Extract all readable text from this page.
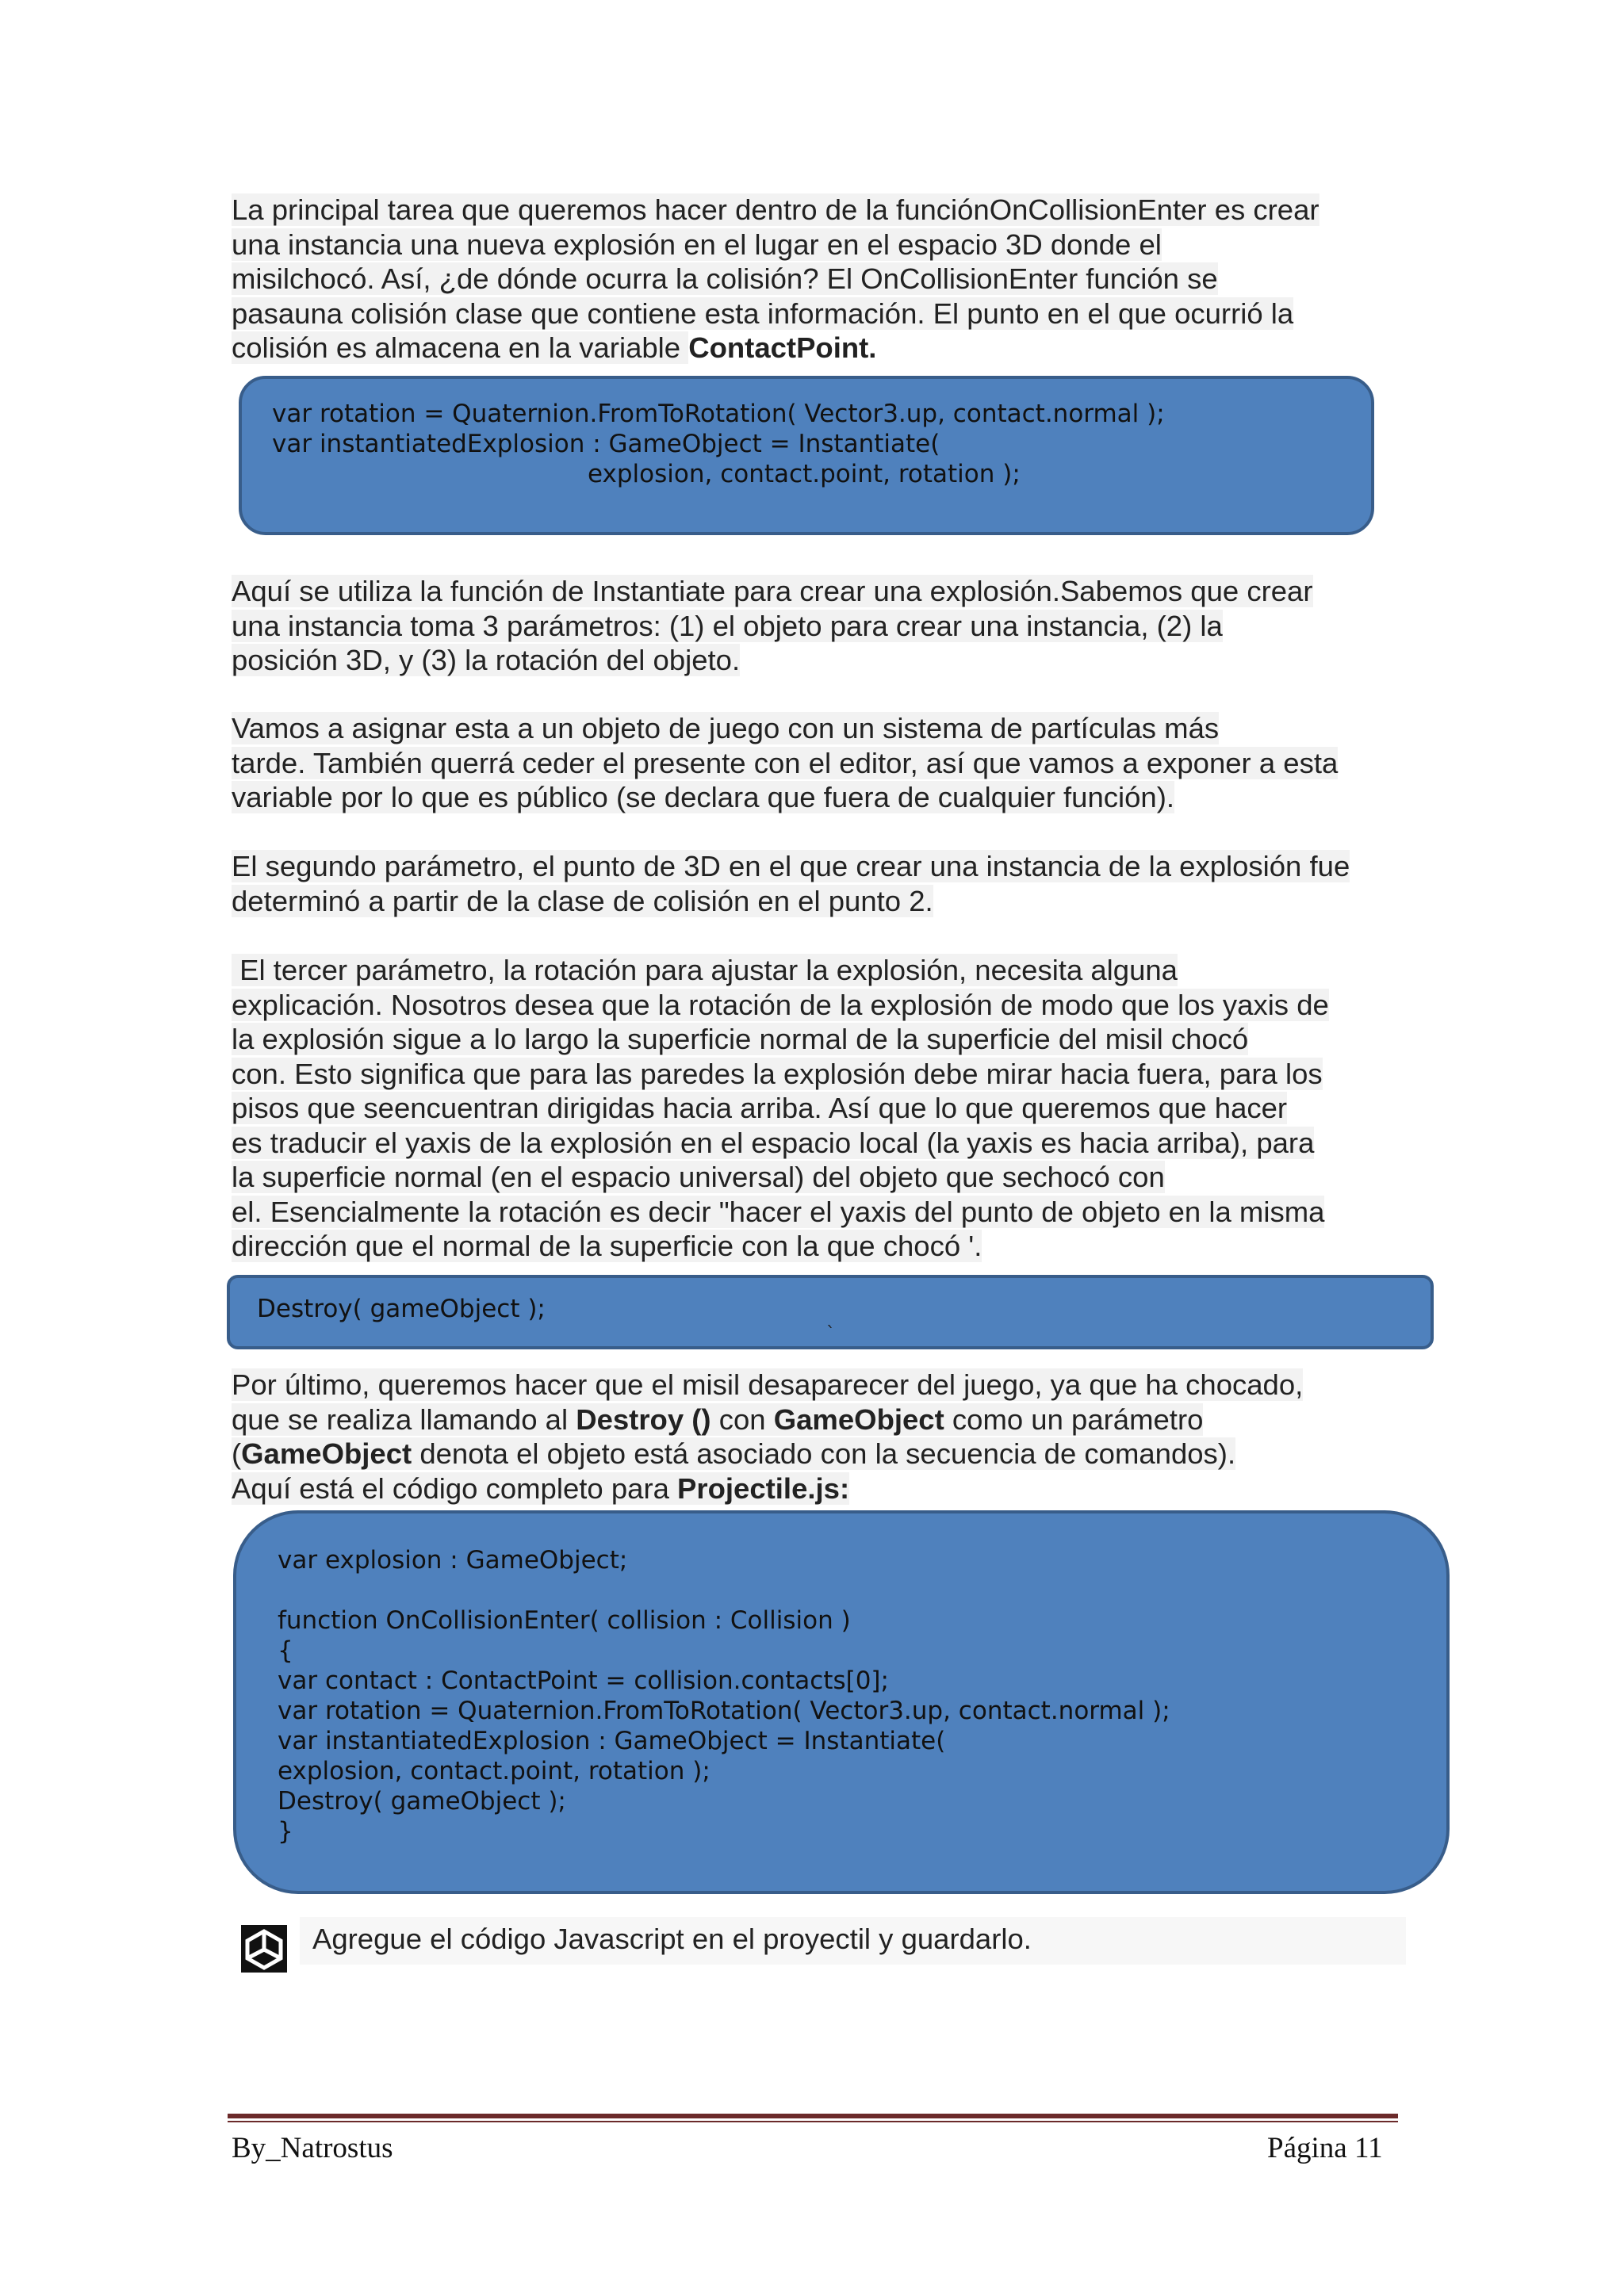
La principal tarea que queremos hacer dentro de la funciónOnCollisionEnter es crear
una instancia una nueva explosión en el lugar en el espacio 3D donde el
misilchocó. Así, ¿de dónde ocurra la colisión? El OnCollisionEnter función se
pasauna colisión clase que contiene esta información. El punto en el que ocurrió la
colisión es almacena en la variable ContactPoint.
var rotation = Quaternion.FromToRotation( Vector3.up, contact.normal );
var instantiatedExplosion : GameObject = Instantiate(
explosion, contact.point, rotation );
Aquí se utiliza la función de Instantiate para crear una explosión.Sabemos que crear
una instancia toma 3 parámetros: (1) el objeto para crear una instancia, (2) la
posición 3D, y (3) la rotación del objeto.
Vamos a asignar esta a un objeto de juego con un sistema de partículas más
tarde. También querrá ceder el presente con el editor, así que vamos a exponer a esta
variable por lo que es público (se declara que fuera de cualquier función).
El segundo parámetro, el punto de 3D en el que crear una instancia de la explosión fue
determinó a partir de la clase de colisión en el punto 2.
El tercer parámetro, la rotación para ajustar la explosión, necesita alguna
explicación. Nosotros desea que la rotación de la explosión de modo que los yaxis de
la explosión sigue a lo largo la superficie normal de la superficie del misil chocó
con. Esto significa que para las paredes la explosión debe mirar hacia fuera, para los
pisos que seencuentran dirigidas hacia arriba. Así que lo que queremos que hacer
es traducir el yaxis de la explosión en el espacio local (la yaxis es hacia arriba), para
la superficie normal (en el espacio universal) del objeto que sechocó con
el. Esencialmente la rotación es decir "hacer el yaxis del punto de objeto en la misma
dirección que el normal de la superficie con la que chocó '.
Destroy( gameObject );
`
Por último, queremos hacer que el misil desaparecer del juego, ya que ha chocado,
que se realiza llamando al Destroy () con GameObject como un parámetro
(GameObject denota el objeto está asociado con la secuencia de comandos).
Aquí está el código completo para Projectile.js:
var explosion : GameObject;
function OnCollisionEnter( collision : Collision )
{
var contact : ContactPoint = collision.contacts[0];
var rotation = Quaternion.FromToRotation( Vector3.up, contact.normal );
var instantiatedExplosion : GameObject = Instantiate(
explosion, contact.point, rotation );
Destroy( gameObject );
}
Agregue el código Javascript en el proyectil y guardarlo.
By_Natrostus	Página 11
